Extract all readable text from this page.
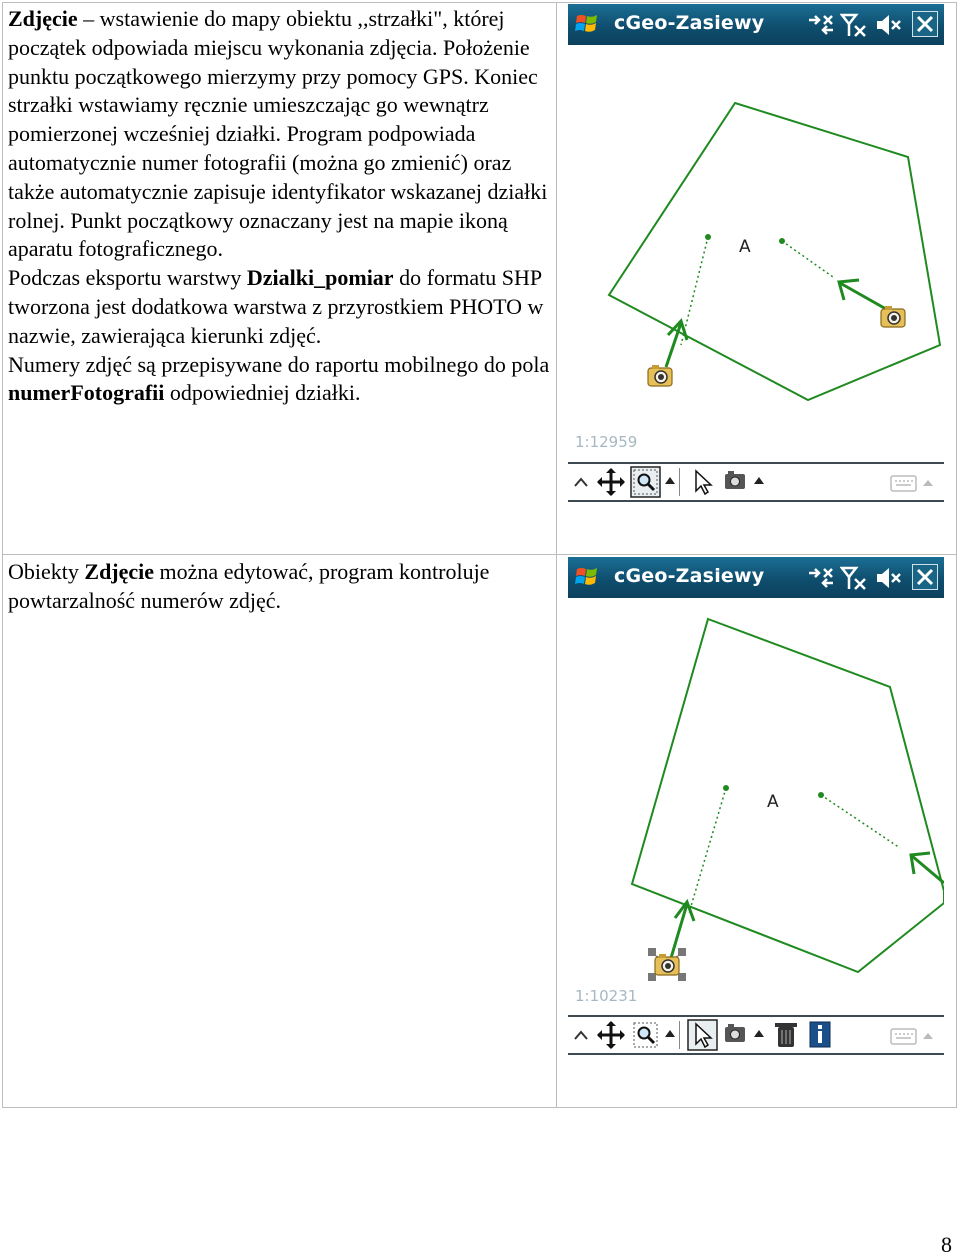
Zdjęcie – wstawienie do mapy obiektu ,,strzałki", której początek odpowiada miejscu wykonania zdjęcia. Położenie punktu początkowego mierzymy przy pomocy GPS. Koniec strzałki wstawiamy ręcznie umieszczając go wewnątrz pomierzonej wcześniej działki. Program podpowiada automatycznie numer fotografii (można go zmienić) oraz także automatycznie zapisuje identyfikator wskazanej działki rolnej. Punkt początkowy oznaczany jest na mapie ikoną aparatu fotograficznego.

Podczas eksportu warstwy Dzialki_pomiar do formatu SHP tworzona jest dodatkowa warstwa z przyrostkiem PHOTO w nazwie, zawierająca kierunki zdjęć.

Numery zdjęć są przepisywane do raportu mobilnego do pola numerFotografii odpowiedniej działki.

cGeo-Zasiewy
A
1:12959

Obiekty Zdjęcie można edytować, program kontroluje powtarzalność numerów zdjęć.

cGeo-Zasiewy
A
1:10231
8
